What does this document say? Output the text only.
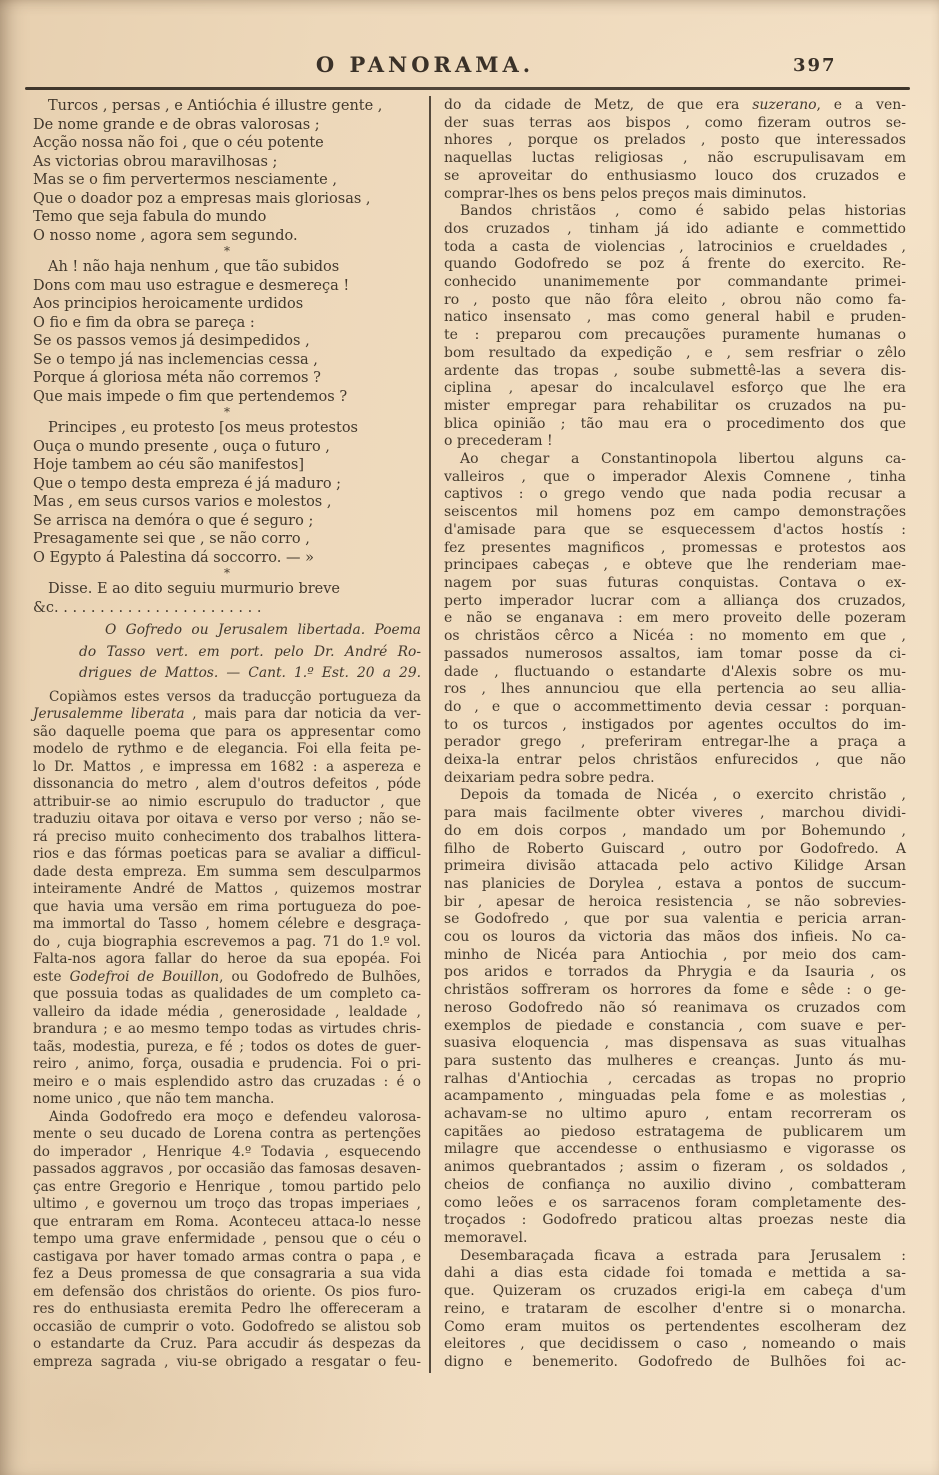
O PANORAMA.	397
Turcos , persas , e Antióchia é illustre gente ,
De nome grande e de obras valorosas ;
Acção nossa não foi , que o céu potente
As victorias obrou maravilhosas ;
Mas se o fim pervertermos nesciamente ,
Que o doador poz a empresas mais gloriosas ,
Temo que seja fabula do mundo
O nosso nome , agora sem segundo.
*
Ah ! não haja nenhum , que tão subidos
Dons com mau uso estrague e desmereça !
Aos principios heroicamente urdidos
O fio e fim da obra se pareça :
Se os passos vemos já desimpedidos ,
Se o tempo já nas inclemencias cessa ,
Porque á gloriosa méta não corremos ?
Que mais impede o fim que pertendemos ?
*
Principes , eu protesto [os meus protestos
Ouça o mundo presente , ouça o futuro ,
Hoje tambem ao céu são manifestos]
Que o tempo desta empreza é já maduro ;
Mas , em seus cursos varios e molestos ,
Se arrisca na demóra o que é seguro ;
Presagamente sei que , se não corro ,
O Egypto á Palestina dá soccorro. — »
*
Disse. E ao dito seguiu murmurio breve
&c. . . . . . . . . . . . . . . . . . . . . . .
O Gofredo ou Jerusalem libertada. Poema
do Tasso vert. em port. pelo Dr. André Ro-
drigues de Mattos. — Cant. 1.º Est. 20 a 29.
Copiàmos estes versos da traducção portugueza da
Jerusalemme liberata , mais para dar noticia da ver-
são daquelle poema que para os appresentar como
modelo de rythmo e de elegancia. Foi ella feita pe-
lo Dr. Mattos , e impressa em 1682 : a aspereza e
dissonancia do metro , alem d'outros defeitos , póde
attribuir-se ao nimio escrupulo do traductor , que
traduziu oitava por oitava e verso por verso ; não se-
rá preciso muito conhecimento dos trabalhos littera-
rios e das fórmas poeticas para se avaliar a difficul-
dade desta empreza. Em summa sem desculparmos
inteiramente André de Mattos , quizemos mostrar
que havia uma versão em rima portugueza do poe-
ma immortal do Tasso , homem célebre e desgraça-
do , cuja biographia escrevemos a pag. 71 do 1.º vol.
Falta-nos agora fallar do heroe da sua epopéa. Foi
este Godefroi de Bouillon, ou Godofredo de Bulhões,
que possuia todas as qualidades de um completo ca-
valleiro da idade média , generosidade , lealdade ,
brandura ; e ao mesmo tempo todas as virtudes chris-
taãs, modestia, pureza, e fé ; todos os dotes de guer-
reiro , animo, força, ousadia e prudencia. Foi o pri-
meiro e o mais esplendido astro das cruzadas : é o
nome unico , que não tem mancha.
Ainda Godofredo era moço e defendeu valorosa-
mente o seu ducado de Lorena contra as pertenções
do imperador , Henrique 4.º Todavia , esquecendo
passados aggravos , por occasião das famosas desaven-
ças entre Gregorio e Henrique , tomou partido pelo
ultimo , e governou um troço das tropas imperiaes ,
que entraram em Roma. Aconteceu attaca-lo nesse
tempo uma grave enfermidade , pensou que o céu o
castigava por haver tomado armas contra o papa , e
fez a Deus promessa de que consagraria a sua vida
em defensão dos christãos do oriente. Os pios furo-
res do enthusiasta eremita Pedro lhe offereceram a
occasião de cumprir o voto. Godofredo se alistou sob
o estandarte da Cruz. Para accudir ás despezas da
empreza sagrada , viu-se obrigado a resgatar o feu-
do da cidade de Metz, de que era suzerano, e a ven-
der suas terras aos bispos , como fizeram outros se-
nhores , porque os prelados , posto que interessados
naquellas luctas religiosas , não escrupulisavam em
se aproveitar do enthusiasmo louco dos cruzados e
comprar-lhes os bens pelos preços mais diminutos.
Bandos christãos , como é sabido pelas historias
dos cruzados , tinham já ido adiante e commettido
toda a casta de violencias , latrocinios e crueldades ,
quando Godofredo se poz á frente do exercito. Re-
conhecido unanimemente por commandante primei-
ro , posto que não fôra eleito , obrou não como fa-
natico insensato , mas como general habil e pruden-
te : preparou com precauções puramente humanas o
bom resultado da expedição , e , sem resfriar o zêlo
ardente das tropas , soube submettê-las a severa dis-
ciplina , apesar do incalculavel esforço que lhe era
mister empregar para rehabilitar os cruzados na pu-
blica opinião ; tão mau era o procedimento dos que
o precederam !
Ao chegar a Constantinopola libertou alguns ca-
valleiros , que o imperador Alexis Comnene , tinha
captivos : o grego vendo que nada podia recusar a
seiscentos mil homens poz em campo demonstrações
d'amisade para que se esquecessem d'actos hostís :
fez presentes magnificos , promessas e protestos aos
principaes cabeças , e obteve que lhe renderiam mae-
nagem por suas futuras conquistas. Contava o ex-
perto imperador lucrar com a alliança dos cruzados,
e não se enganava : em mero proveito delle pozeram
os christãos cêrco a Nicéa : no momento em que ,
passados numerosos assaltos, iam tomar posse da ci-
dade , fluctuando o estandarte d'Alexis sobre os mu-
ros , lhes annunciou que ella pertencia ao seu allia-
do , e que o accommettimento devia cessar : porquan-
to os turcos , instigados por agentes occultos do im-
perador grego , preferiram entregar-lhe a praça a
deixa-la entrar pelos christãos enfurecidos , que não
deixariam pedra sobre pedra.
Depois da tomada de Nicéa , o exercito christão ,
para mais facilmente obter viveres , marchou dividi-
do em dois corpos , mandado um por Bohemundo ,
filho de Roberto Guiscard , outro por Godofredo. A
primeira divisão attacada pelo activo Kilidge Arsan
nas planicies de Dorylea , estava a pontos de succum-
bir , apesar de heroica resistencia , se não sobrevies-
se Godofredo , que por sua valentia e pericia arran-
cou os louros da victoria das mãos dos infieis. No ca-
minho de Nicéa para Antiochia , por meio dos cam-
pos aridos e torrados da Phrygia e da Isauria , os
christãos soffreram os horrores da fome e sêde : o ge-
neroso Godofredo não só reanimava os cruzados com
exemplos de piedade e constancia , com suave e per-
suasiva eloquencia , mas dispensava as suas vitualhas
para sustento das mulheres e creanças. Junto ás mu-
ralhas d'Antiochia , cercadas as tropas no proprio
acampamento , minguadas pela fome e as molestias ,
achavam-se no ultimo apuro , entam recorreram os
capitães ao piedoso estratagema de publicarem um
milagre que accendesse o enthusiasmo e vigorasse os
animos quebrantados ; assim o fizeram , os soldados ,
cheios de confiança no auxilio divino , combatteram
como leões e os sarracenos foram completamente des-
troçados : Godofredo praticou altas proezas neste dia
memoravel.
Desembaraçada ficava a estrada para Jerusalem :
dahi a dias esta cidade foi tomada e mettida a sa-
que. Quizeram os cruzados erigi-la em cabeça d'um
reino, e trataram de escolher d'entre si o monarcha.
Como eram muitos os pertendentes escolheram dez
eleitores , que decidissem o caso , nomeando o mais
digno e benemerito. Godofredo de Bulhões foi ac-
